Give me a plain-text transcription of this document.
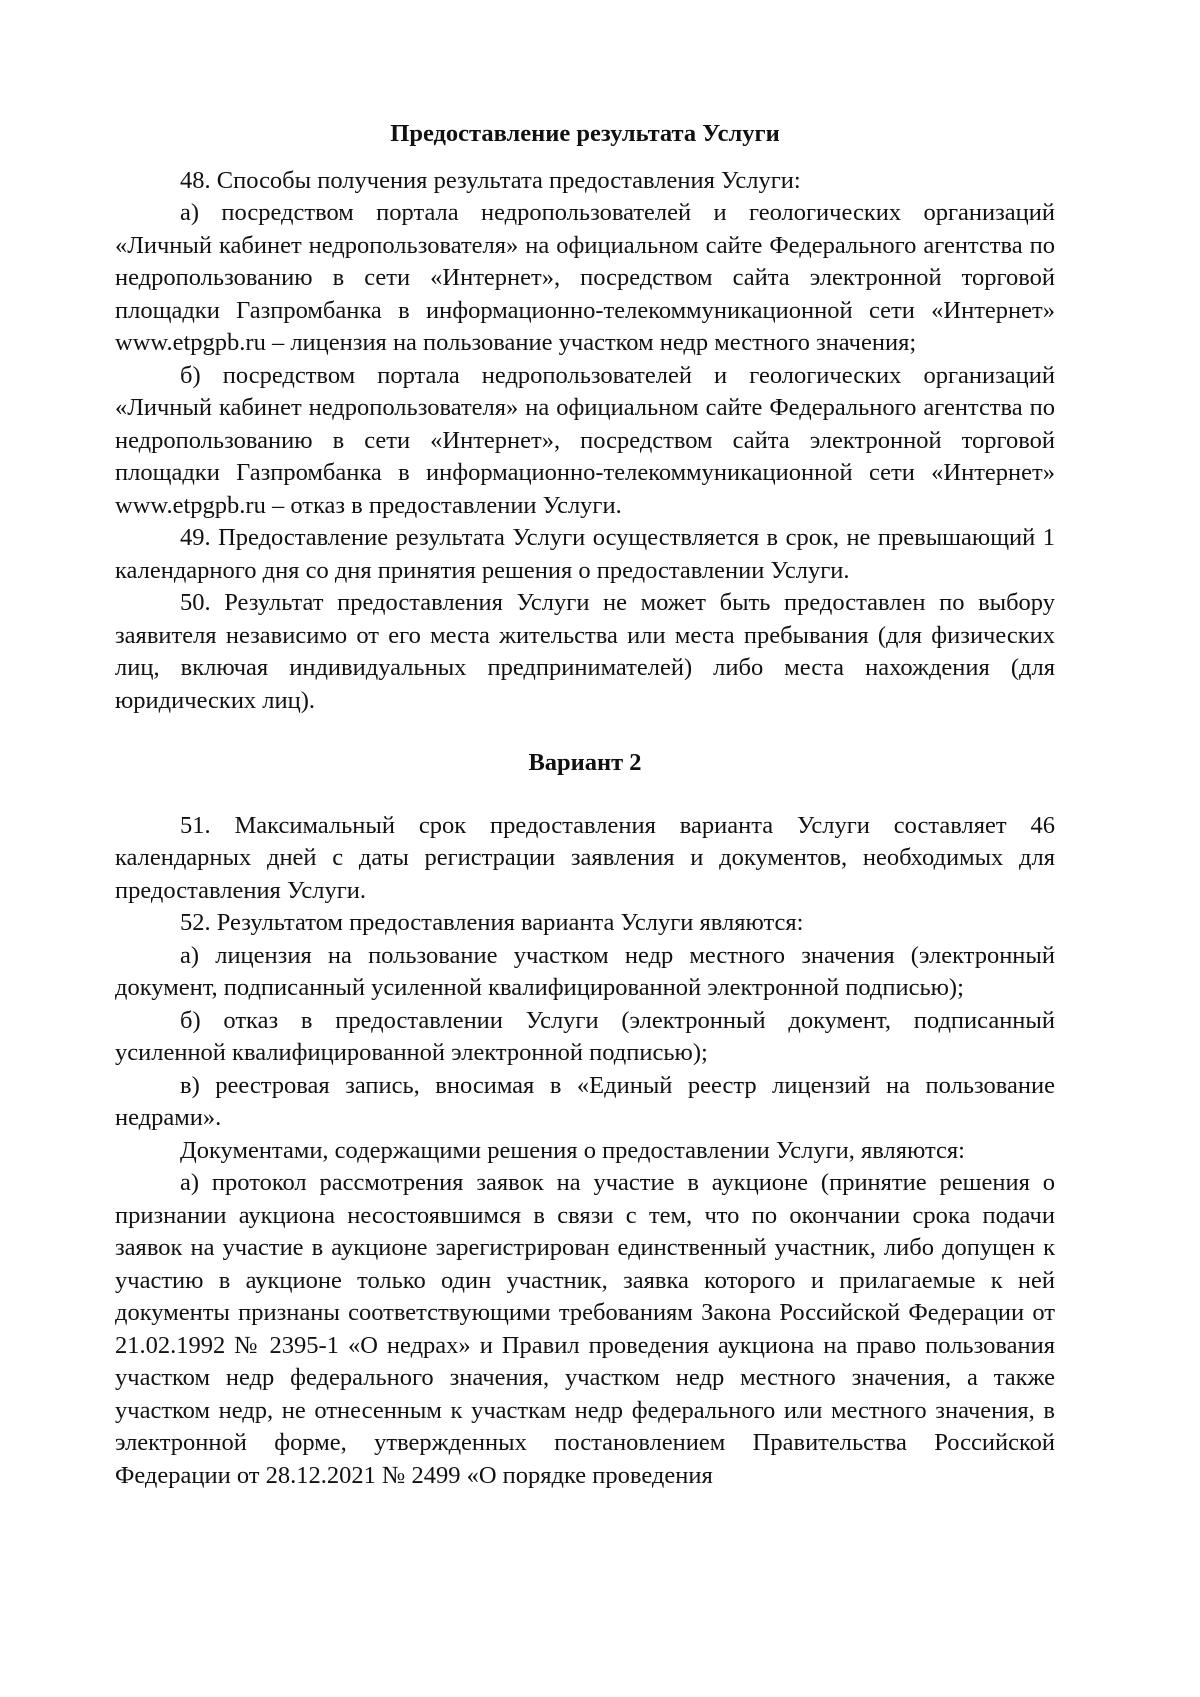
Предоставление результата Услуги

48. Способы получения результата предоставления Услуги:

а) посредством портала недропользователей и геологических организаций «Личный кабинет недропользователя» на официальном сайте Федерального агентства по недропользованию в сети «Интернет», посредством сайта электронной торговой площадки Газпромбанка в информационно-телекоммуникационной сети «Интернет» www.etpgpb.ru – лицензия на пользование участком недр местного значения;

б) посредством портала недропользователей и геологических организаций «Личный кабинет недропользователя» на официальном сайте Федерального агентства по недропользованию в сети «Интернет», посредством сайта электронной торговой площадки Газпромбанка в информационно-телекоммуникационной сети «Интернет» www.etpgpb.ru – отказ в предоставлении Услуги.

49. Предоставление результата Услуги осуществляется в срок, не превышающий 1 календарного дня со дня принятия решения о предоставлении Услуги.

50. Результат предоставления Услуги не может быть предоставлен по выбору заявителя независимо от его места жительства или места пребывания (для физических лиц, включая индивидуальных предпринимателей) либо места нахождения (для юридических лиц).

Вариант 2

51. Максимальный срок предоставления варианта Услуги составляет 46 календарных дней с даты регистрации заявления и документов, необходимых для предоставления Услуги.

52. Результатом предоставления варианта Услуги являются:

а) лицензия на пользование участком недр местного значения (электронный документ, подписанный усиленной квалифицированной электронной подписью);

б) отказ в предоставлении Услуги (электронный документ, подписанный усиленной квалифицированной электронной подписью);

в) реестровая запись, вносимая в «Единый реестр лицензий на пользование недрами».

Документами, содержащими решения о предоставлении Услуги, являются:

а) протокол рассмотрения заявок на участие в аукционе (принятие решения о признании аукциона несостоявшимся в связи с тем, что по окончании срока подачи заявок на участие в аукционе зарегистрирован единственный участник, либо допущен к участию в аукционе только один участник, заявка которого и прилагаемые к ней документы признаны соответствующими требованиям Закона Российской Федерации от 21.02.1992 № 2395-1 «О недрах» и Правил проведения аукциона на право пользования участком недр федерального значения, участком недр местного значения, а также участком недр, не отнесенным к участкам недр федерального или местного значения, в электронной форме, утвержденных постановлением Правительства Российской Федерации от 28.12.2021 № 2499 «О порядке проведения
